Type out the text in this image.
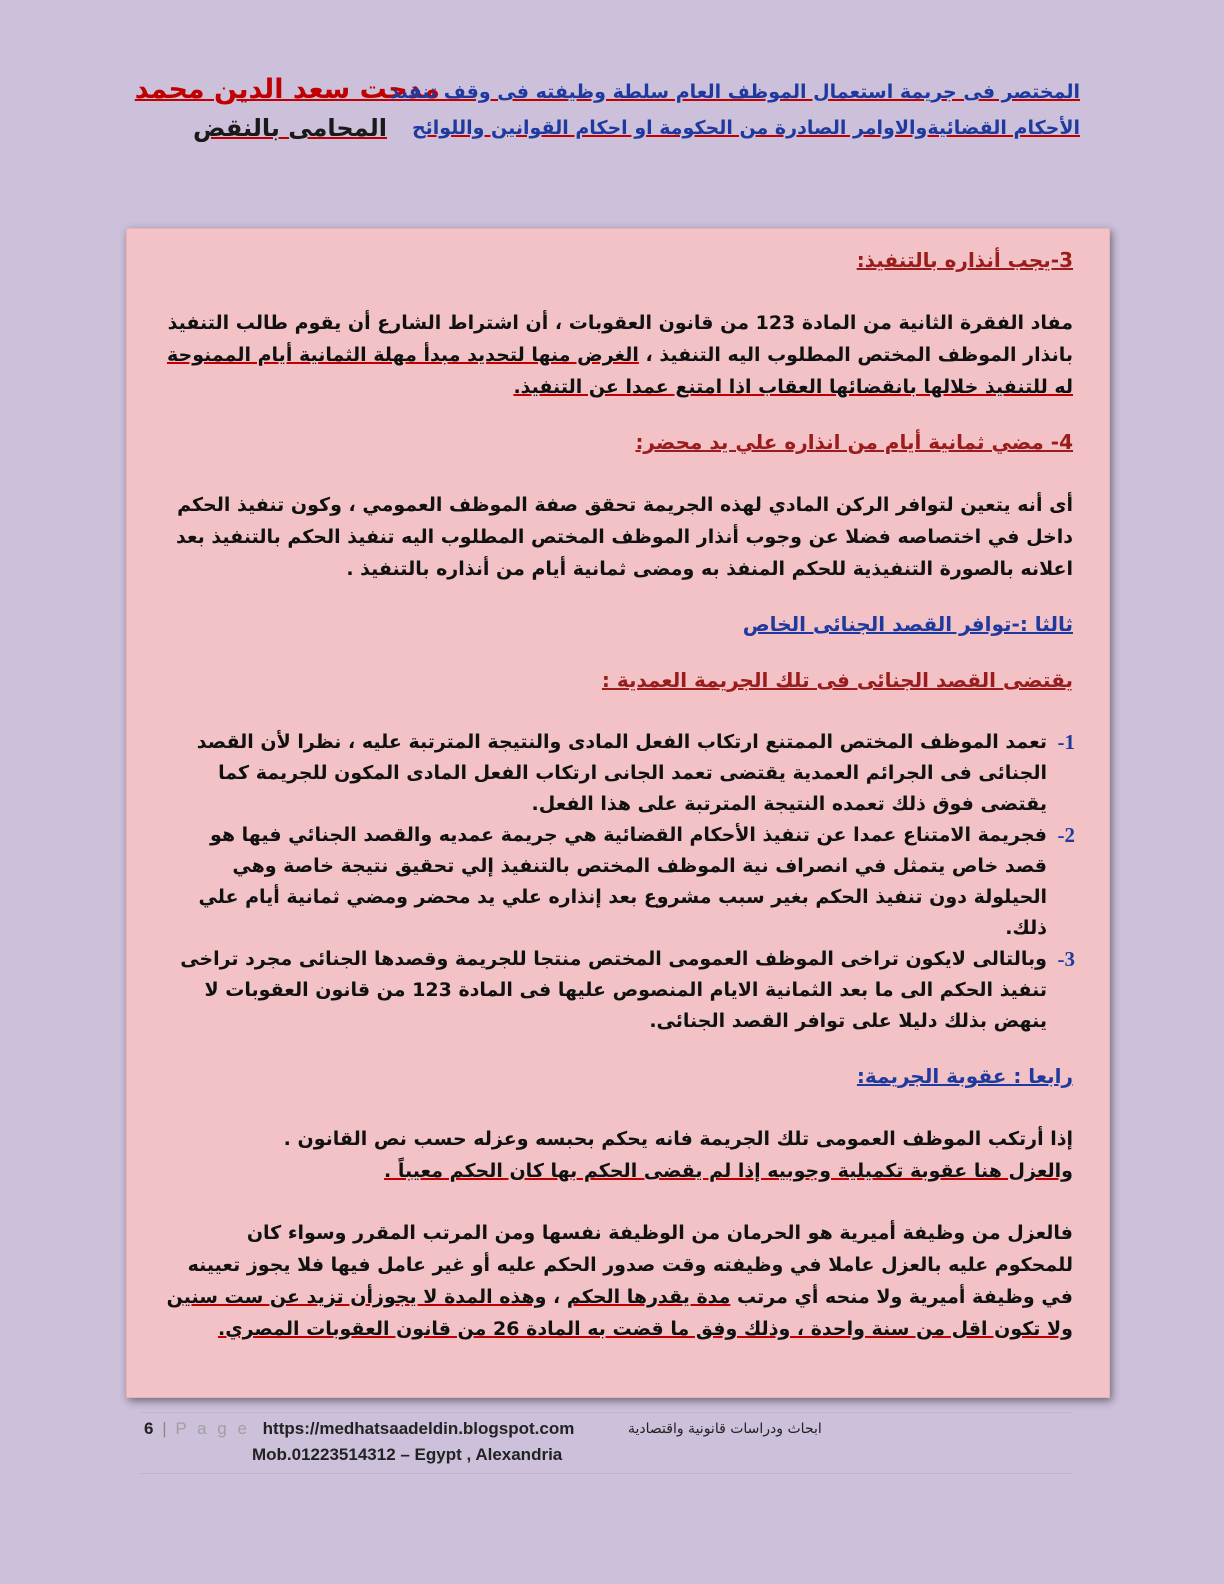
مدحت سعد الدين محمد
المحامى بالنقض
المختصر فى جريمة استعمال الموظف العام سلطة وظيفته فى وقف تنفيذ
الأحكام القضائيةوالاوامر الصادرة من الحكومة او احكام القوانين واللوائح

3-يجب أنذاره بالتنفيذ:

مفاد الفقرة الثانية من المادة 123 من قانون العقوبات ، أن اشتراط الشارع أن يقوم طالب التنفيذ بانذار الموظف المختص المطلوب اليه التنفيذ ، الغرض منها لتحديد مبدأ مهلة الثمانية أيام الممنوحة له للتنفيذ خلالها بانقضائها العقاب اذا امتنع عمدا عن التنفيذ.

4- مضي ثمانية أيام من انذاره علي يد محضر:

أى أنه يتعين لتوافر الركن المادي لهذه الجريمة تحقق صفة الموظف العمومي ، وكون تنفيذ الحكم داخل في اختصاصه فضلا عن وجوب أنذار الموظف المختص المطلوب اليه تنفيذ الحكم بالتنفيذ بعد اعلانه بالصورة التنفيذية للحكم المنفذ به ومضى ثمانية أيام من أنذاره بالتنفيذ .

ثالثا :-توافر القصد الجنائى الخاص

يقتضى القصد الجنائى فى تلك الجريمة العمدية :

1-
تعمد الموظف المختص الممتنع ارتكاب الفعل المادى والنتيجة المترتبة عليه ، نظرا لأن القصد الجنائى فى الجرائم العمدية يقتضى تعمد الجانى ارتكاب الفعل المادى المكون للجريمة كما يقتضى فوق ذلك تعمده النتيجة المترتبة على هذا الفعل.
2-
فجريمة الامتناع عمدا عن تنفيذ الأحكام القضائية هي جريمة عمديه والقصد الجنائي فيها هو قصد خاص يتمثل في انصراف نية الموظف المختص بالتنفيذ إلي تحقيق نتيجة خاصة وهي الحيلولة دون تنفيذ الحكم بغير سبب مشروع بعد إنذاره علي يد محضر ومضي ثمانية أيام علي ذلك.
3-
وبالتالى لايكون تراخى الموظف العمومى المختص منتجا للجريمة وقصدها الجنائى مجرد تراخى تنفيذ الحكم الى ما بعد الثمانية الايام المنصوص عليها فى المادة 123 من قانون العقوبات لا ينهض بذلك دليلا على توافر القصد الجنائى.

رابعا : عقوبة الجريمة:

إذا أرتكب الموظف العمومى تلك الجريمة فانه يحكم بحبسه وعزله حسب نص القانون .
والعزل هنا عقوبة تكميلية وجوبيه إذا لم يقضى الحكم بها كان الحكم معيباً .

فالعزل من وظيفة أميرية هو الحرمان من الوظيفة نفسها ومن المرتب المقرر وسواء كان للمحكوم عليه بالعزل عاملا في وظيفته وقت صدور الحكم عليه أو غير عامل فيها فلا يجوز تعيينه في وظيفة أميرية ولا منحه أي مرتب مدة يقدرها الحكم ، وهذه المدة لا يجوزأن تزيد عن ست سنين ولا تكون اقل من سنة واحدة ، وذلك وفق ما قضت به المادة 26 من قانون العقوبات المصري.

6 | P a g e https://medhatsaadeldin.blogspot.com	ابحاث ودراسات قانونية واقتصادية
Mob.01223514312 – Egypt , Alexandria
